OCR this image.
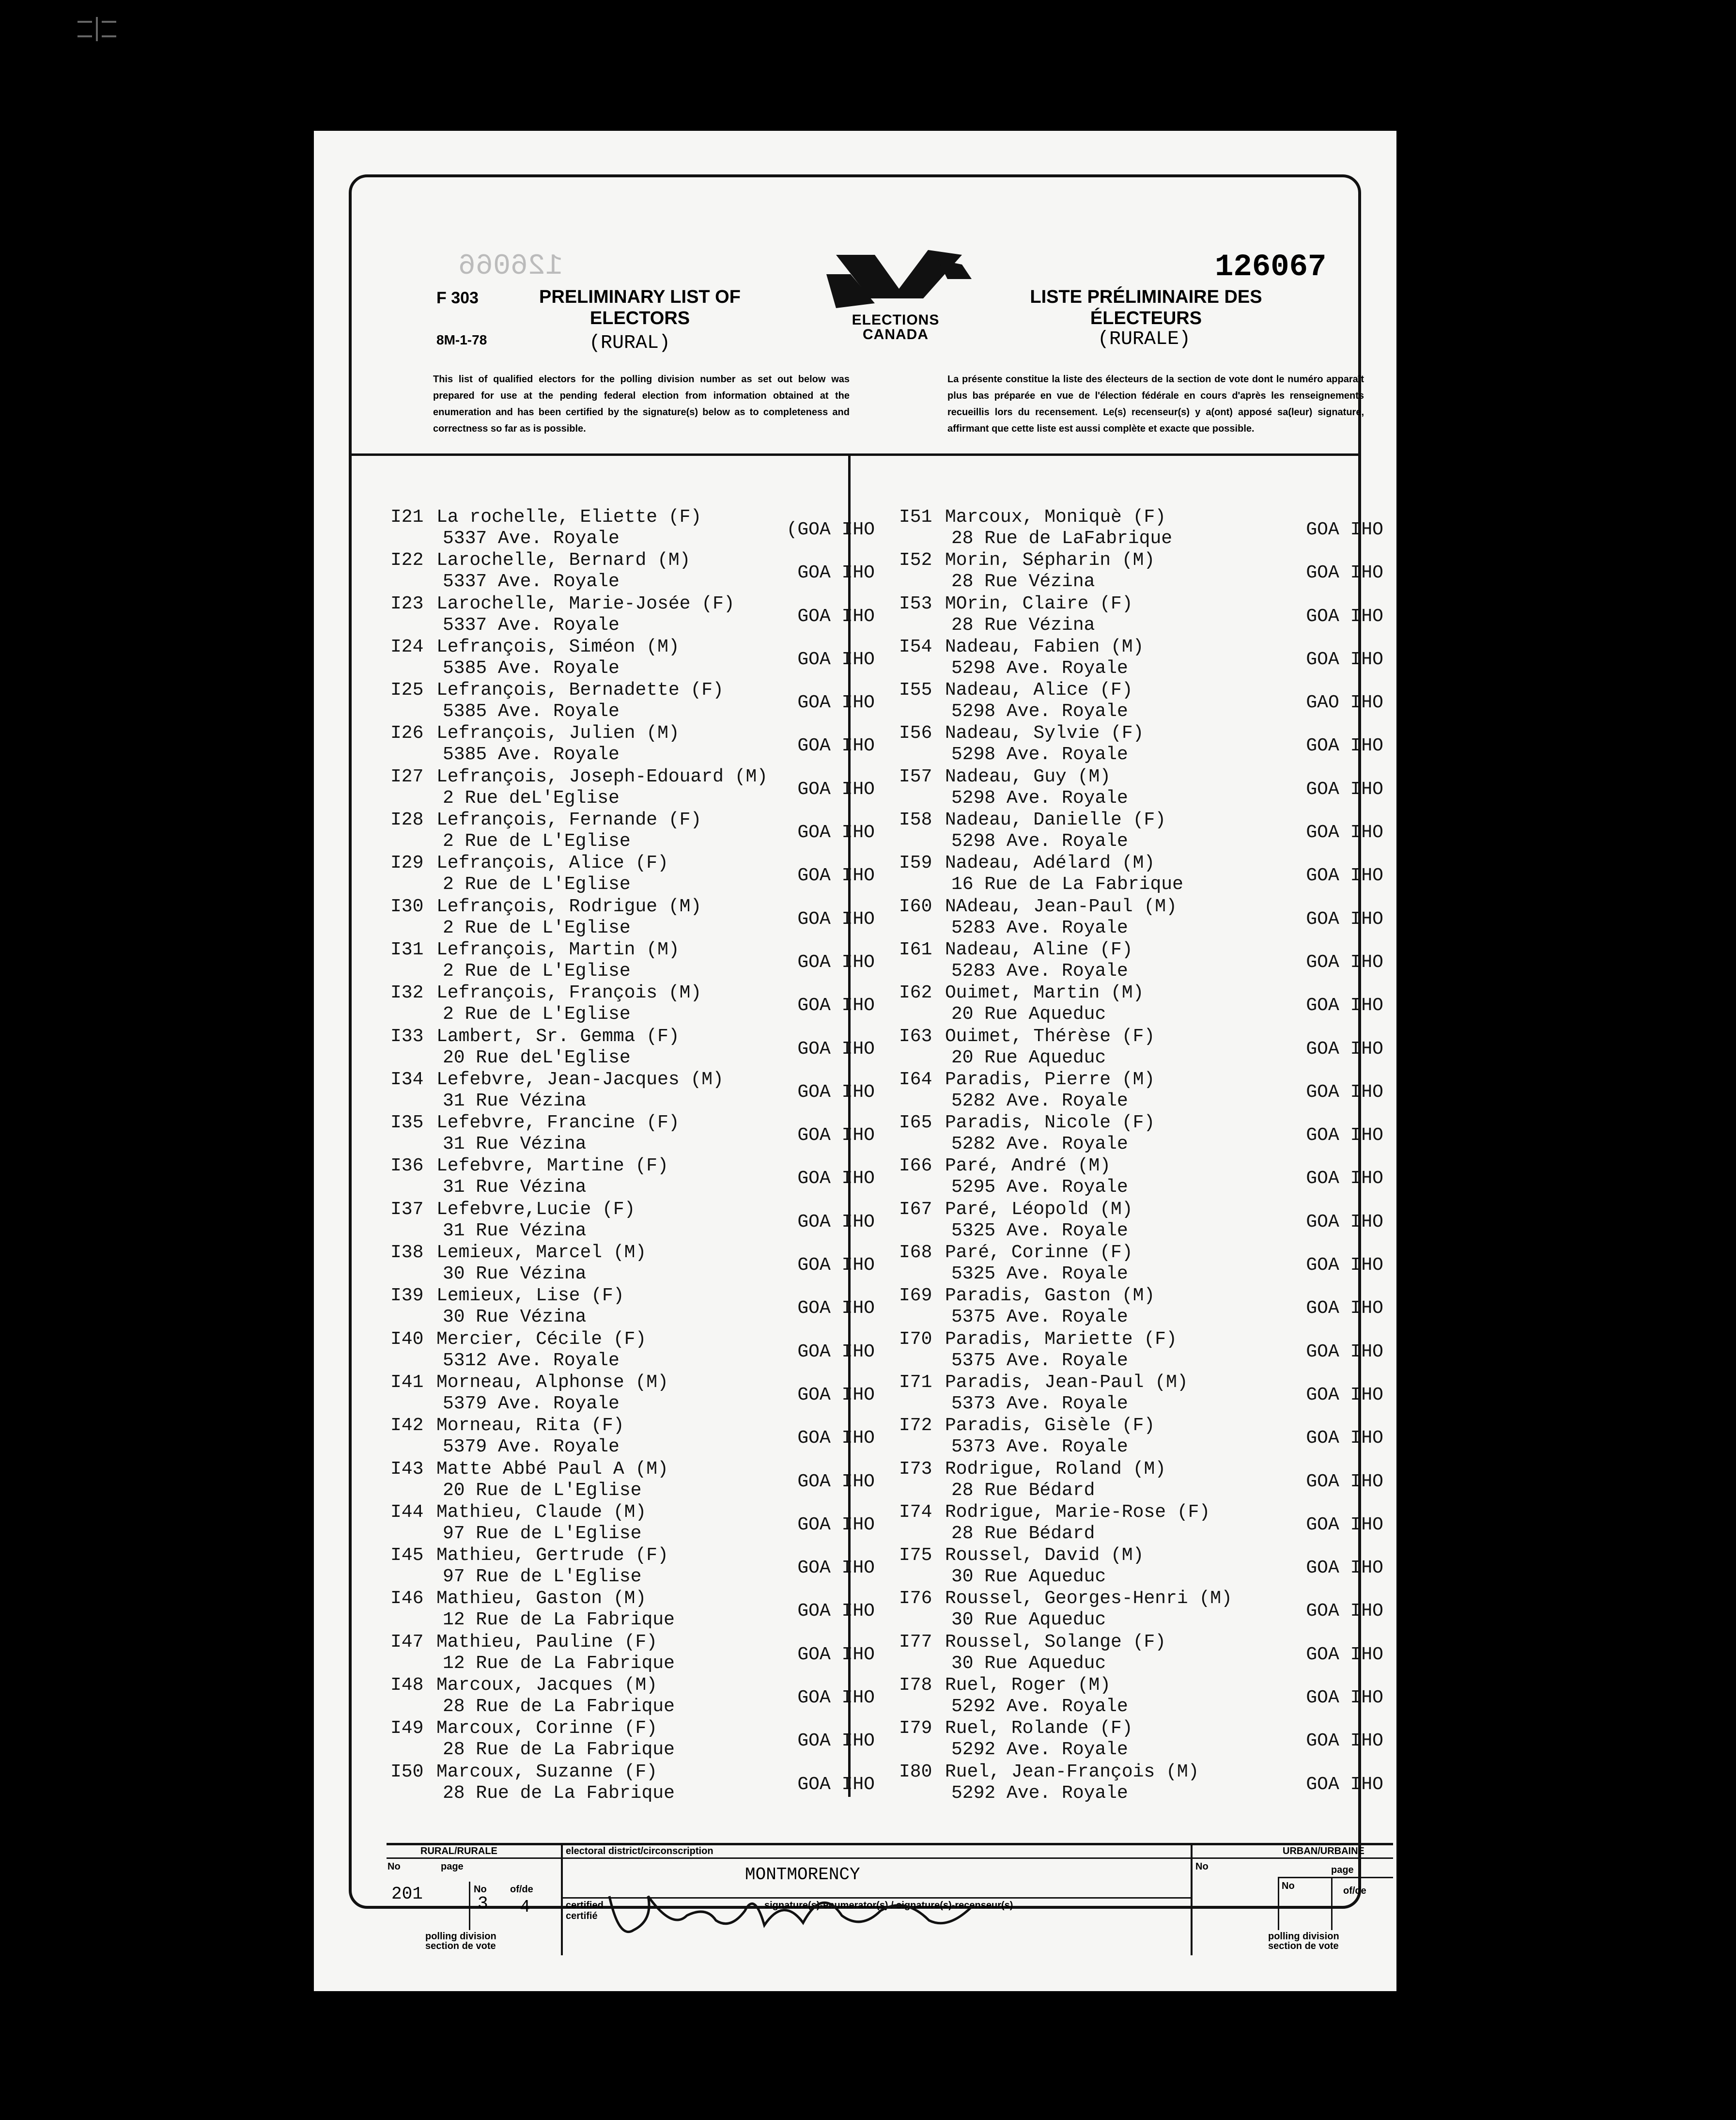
126066
F 303
8M-1-78
PRELIMINARY LIST OF ELECTORS
(RURAL)
ELECTIONS
CANADA
126067
LISTE PRÉLIMINAIRE DES ÉLECTEURS
(RURALE)
This list of qualified electors for the polling division number as set out below was prepared for use at the pending federal election from information obtained at the enumeration and has been certified by the signature(s) below as to completeness and correctness so far as is possible.
La présente constitue la liste des électeurs de la section de vote dont le numéro apparaît plus bas préparée en vue de l'élection fédérale en cours d'après les renseignements recueillis lors du recensement. Le(s) recenseur(s) y a(ont) apposé sa(leur) signature, affirmant que cette liste est aussi complète et exacte que possible.
I21 La rochelle, Eliette (F)
5337 Ave. Royale	(GOA IHO
I22 Larochelle, Bernard (M)
5337 Ave. Royale	GOA IHO
I23 Larochelle, Marie-Josée (F)
5337 Ave. Royale	GOA IHO
I24 Lefrançois, Siméon (M)
5385 Ave. Royale	GOA IHO
I25 Lefrançois, Bernadette (F)
5385 Ave. Royale	GOA IHO
I26 Lefrançois, Julien (M)
5385 Ave. Royale	GOA IHO
I27 Lefrançois, Joseph-Edouard (M)
2 Rue deL'Eglise	GOA IHO
I28 Lefrançois, Fernande (F)
2 Rue de L'Eglise	GOA IHO
I29 Lefrançois, Alice (F)
2 Rue de L'Eglise	GOA IHO
I30 Lefrançois, Rodrigue (M)
2 Rue de L'Eglise	GOA IHO
I31 Lefrançois, Martin (M)
2 Rue de L'Eglise	GOA IHO
I32 Lefrançois, François (M)
2 Rue de L'Eglise	GOA IHO
I33 Lambert, Sr. Gemma (F)
20 Rue deL'Eglise	GOA IHO
I34 Lefebvre, Jean-Jacques (M)
31 Rue Vézina	GOA IHO
I35 Lefebvre, Francine (F)
31 Rue Vézina	GOA IHO
I36 Lefebvre, Martine (F)
31 Rue Vézina	GOA IHO
I37 Lefebvre,Lucie (F)
31 Rue Vézina	GOA IHO
I38 Lemieux, Marcel (M)
30 Rue Vézina	GOA IHO
I39 Lemieux, Lise (F)
30 Rue Vézina	GOA IHO
I40 Mercier, Cécile (F)
5312 Ave. Royale	GOA IHO
I41 Morneau, Alphonse (M)
5379 Ave. Royale	GOA IHO
I42 Morneau, Rita (F)
5379 Ave. Royale	GOA IHO
I43 Matte Abbé Paul A (M)
20 Rue de L'Eglise	GOA IHO
I44 Mathieu, Claude (M)
97 Rue de L'Eglise	GOA IHO
I45 Mathieu, Gertrude (F)
97 Rue de L'Eglise	GOA IHO
I46 Mathieu, Gaston (M)
12 Rue de La Fabrique	GOA IHO
I47 Mathieu, Pauline (F)
12 Rue de La Fabrique	GOA IHO
I48 Marcoux, Jacques (M)
28 Rue de La Fabrique	GOA IHO
I49 Marcoux, Corinne (F)
28 Rue de La Fabrique	GOA IHO
I50 Marcoux, Suzanne (F)
28 Rue de La Fabrique	GOA IHO
I51 Marcoux, Moniquè (F)
28 Rue de LaFabrique	GOA IHO
I52 Morin, Sépharin (M)
28 Rue Vézina	GOA IHO
I53 MOrin, Claire (F)
28 Rue Vézina	GOA IHO
I54 Nadeau, Fabien (M)
5298 Ave. Royale	GOA IHO
I55 Nadeau, Alice (F)
5298 Ave. Royale	GAO IHO
I56 Nadeau, Sylvie (F)
5298 Ave. Royale	GOA IHO
I57 Nadeau, Guy (M)
5298 Ave. Royale	GOA IHO
I58 Nadeau, Danielle (F)
5298 Ave. Royale	GOA IHO
I59 Nadeau, Adélard (M)
16 Rue de La Fabrique	GOA IHO
I60 NAdeau, Jean-Paul (M)
5283 Ave. Royale	GOA IHO
I61 Nadeau, Aline (F)
5283 Ave. Royale	GOA IHO
I62 Ouimet, Martin (M)
20 Rue Aqueduc	GOA IHO
I63 Ouimet, Thérèse (F)
20 Rue Aqueduc	GOA IHO
I64 Paradis, Pierre (M)
5282 Ave. Royale	GOA IHO
I65 Paradis, Nicole (F)
5282 Ave. Royale	GOA IHO
I66 Paré, André (M)
5295 Ave. Royale	GOA IHO
I67 Paré, Léopold (M)
5325 Ave. Royale	GOA IHO
I68 Paré, Corinne (F)
5325 Ave. Royale	GOA IHO
I69 Paradis, Gaston (M)
5375 Ave. Royale	GOA IHO
I70 Paradis, Mariette (F)
5375 Ave. Royale	GOA IHO
I71 Paradis, Jean-Paul (M)
5373 Ave. Royale	GOA IHO
I72 Paradis, Gisèle (F)
5373 Ave. Royale	GOA IHO
I73 Rodrigue, Roland (M)
28 Rue Bédard	GOA IHO
I74 Rodrigue, Marie-Rose (F)
28 Rue Bédard	GOA IHO
I75 Roussel, David (M)
30 Rue Aqueduc	GOA IHO
I76 Roussel, Georges-Henri (M)
30 Rue Aqueduc	GOA IHO
I77 Roussel, Solange (F)
30 Rue Aqueduc	GOA IHO
I78 Ruel, Roger (M)
5292 Ave. Royale	GOA IHO
I79 Ruel, Rolande (F)
5292 Ave. Royale	GOA IHO
I80 Ruel, Jean-François (M)
5292 Ave. Royale	GOA IHO
RURAL/RURALE
No
201
page
No
3
of/de
4
polling division
section de vote
electoral district/circonscription
MONTMORENCY
certified
certifié
signature(s)-enumerator(s) / signature(s)-recenseur(s)
URBAN/URBAINE
No	page
No	of/de
polling division
section de vote
